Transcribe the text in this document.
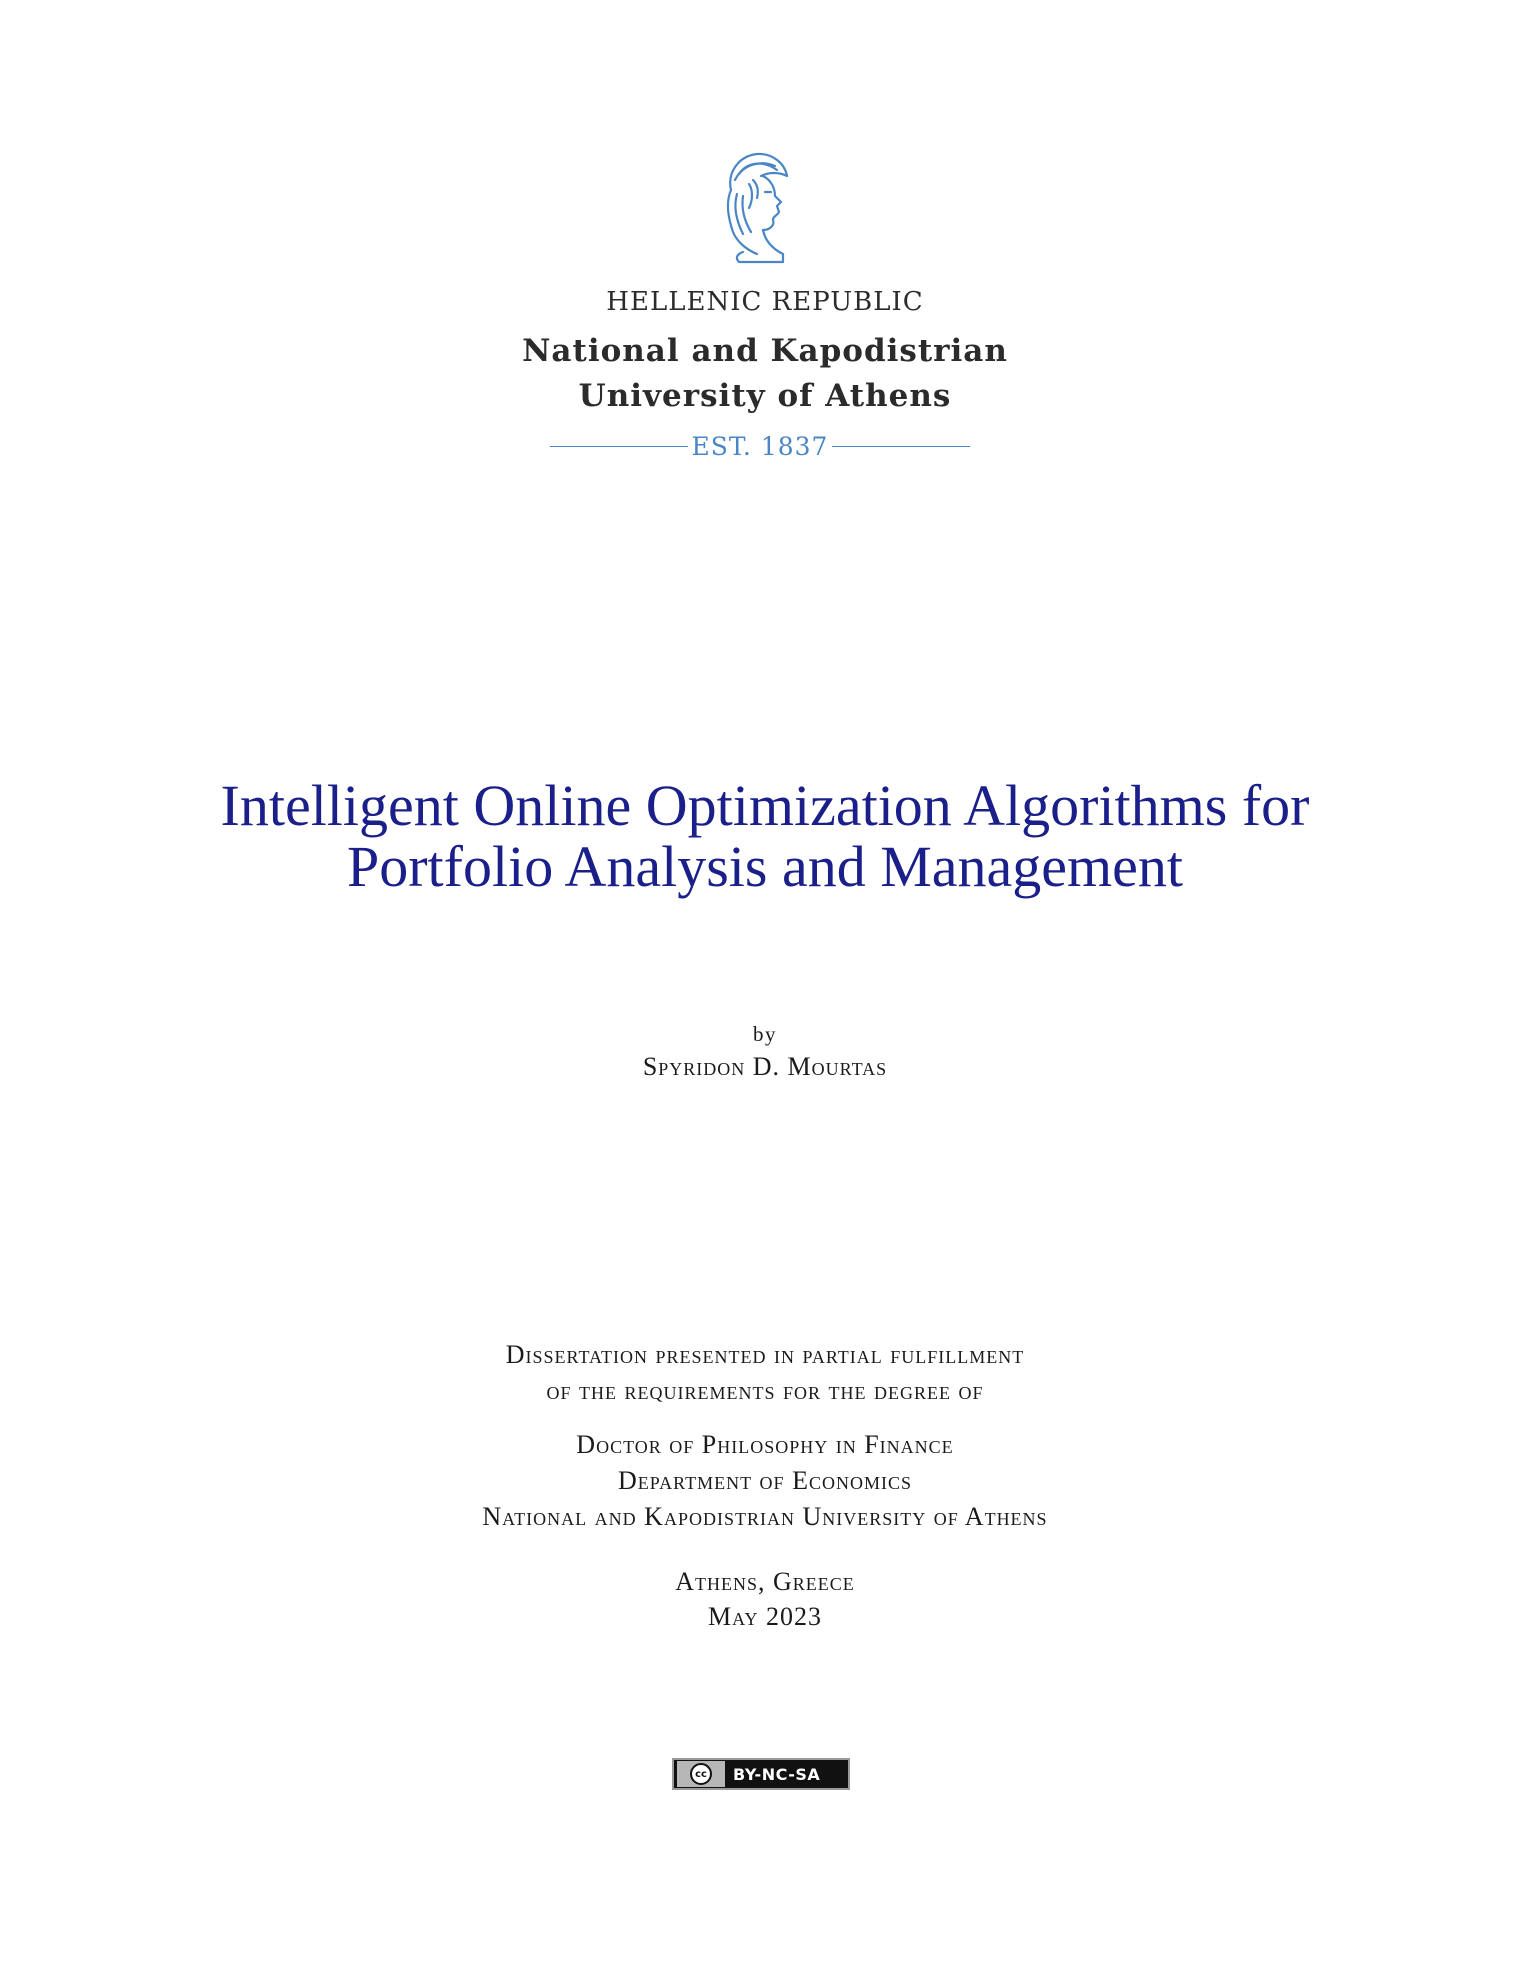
HELLENIC REPUBLIC
National and Kapodistrian
University of Athens
EST. 1837
Intelligent Online Optimization Algorithms for
Portfolio Analysis and Management
by
Spyridon D. Mourtas
Dissertation presented in partial fulfillment
of the requirements for the degree of
Doctor of Philosophy in Finance
Department of Economics
National and Kapodistrian University of Athens
Athens, Greece
May 2023
cc	BY-NC-SA
